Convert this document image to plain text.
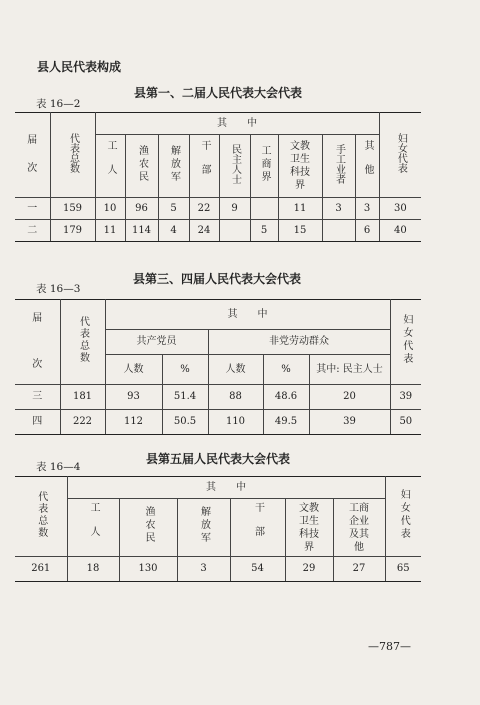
县人民代表构成
县第一、二届人民代表大会代表
表 16—2
届
次	代表总数	其　　中									妇女代表
		工人	渔农民	解放军	干部	民主人士	工商界	文教卫生科技界	手工业者	其他	
一	159	10	96	5	22	9		11	3	3	30
二	179	11	114	4	24		5	15		6	40
县第三、四届人民代表大会代表
表 16—3
届
次	代表总数	其　　中					妇女代表
		共产党员		非党劳动群众			
		人数	%	人数	%	其中: 民主人士	
三	181	93	51.4	88	48.6	20	39
四	222	112	50.5	110	49.5	39	50
县第五届人民代表大会代表
表 16—4
代表总数	其　　中						妇女代表
	工人	渔农民	解放军	干部	文教卫生科技界	工商企业及其他	

261	18	130	3	54	29	27	65
—787—
